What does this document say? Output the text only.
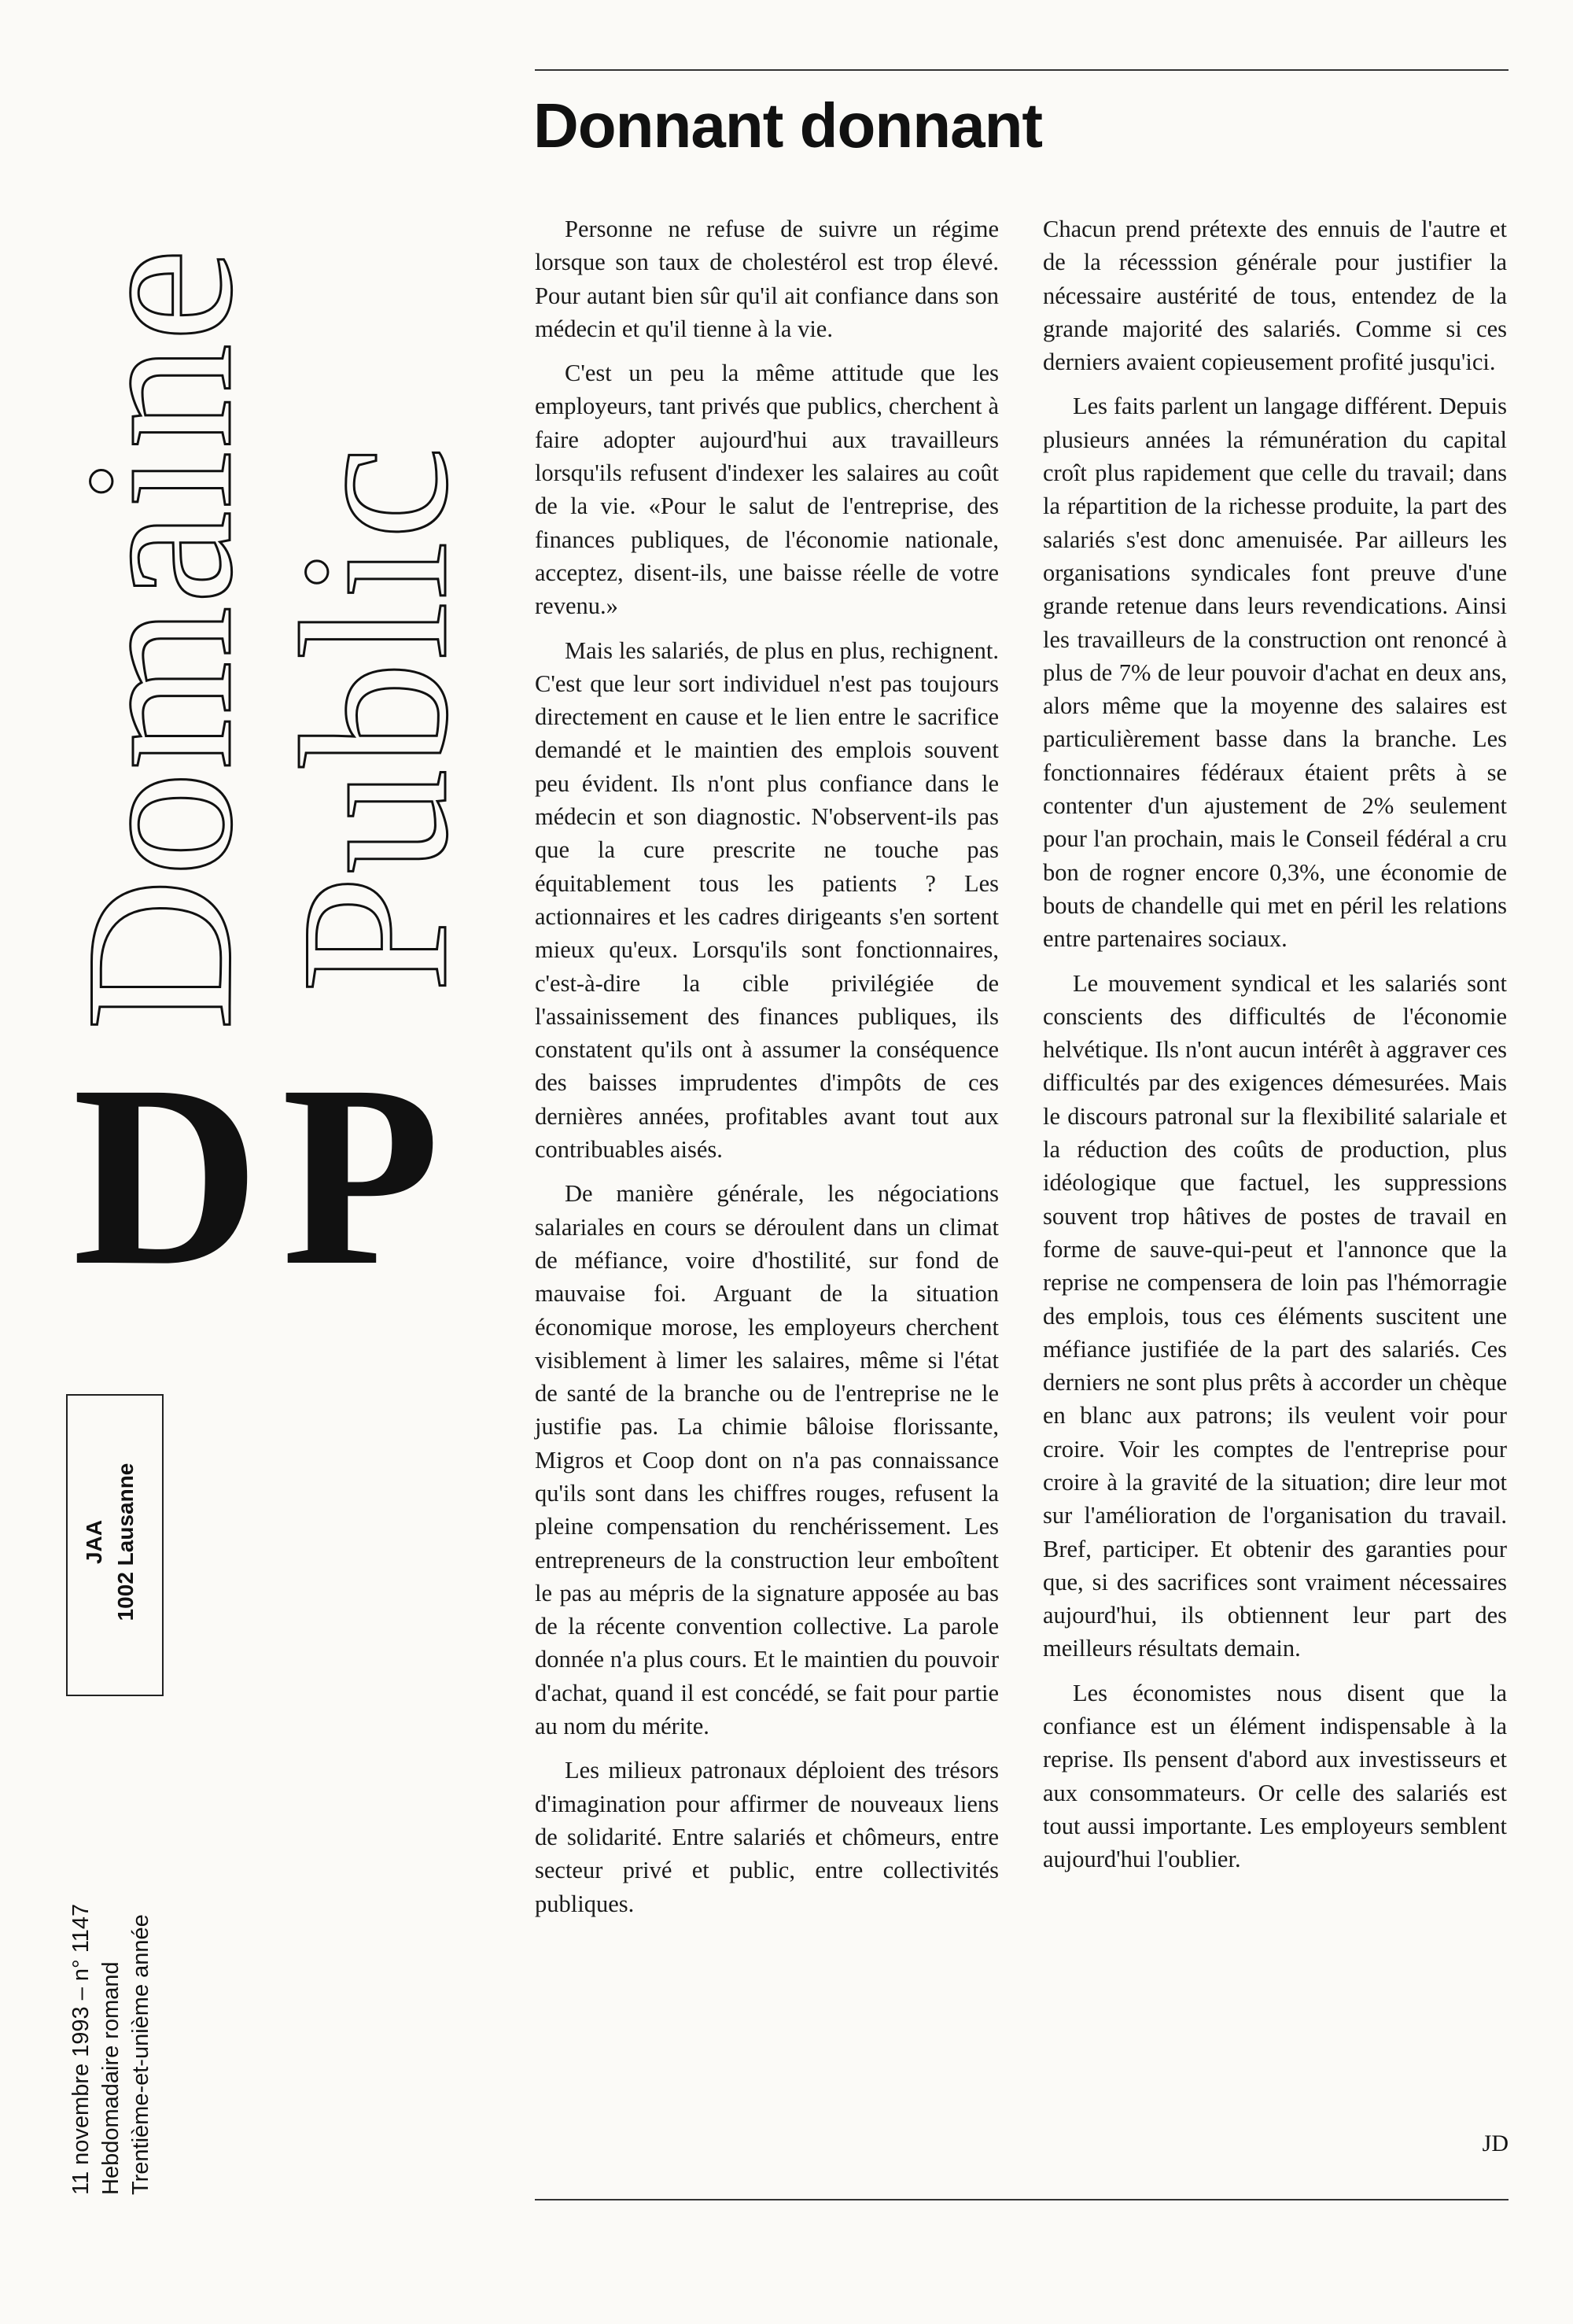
Domaine
Public
D P
JAA 1002 Lausanne
11 novembre 1993 – n° 1147 Hebdomadaire romand Trentième-et-unième année
Donnant donnant

Personne ne refuse de suivre un régime lorsque son taux de cholestérol est trop élevé. Pour autant bien sûr qu'il ait confiance dans son médecin et qu'il tienne à la vie.

C'est un peu la même attitude que les employeurs, tant privés que publics, cherchent à faire adopter aujourd'hui aux travailleurs lorsqu'ils refusent d'indexer les salaires au coût de la vie. «Pour le salut de l'entreprise, des finances publiques, de l'économie nationale, acceptez, disent-ils, une baisse réelle de votre revenu.»

Mais les salariés, de plus en plus, rechignent. C'est que leur sort individuel n'est pas toujours directement en cause et le lien entre le sacrifice demandé et le maintien des emplois souvent peu évident. Ils n'ont plus confiance dans le médecin et son diagnostic. N'observent-ils pas que la cure prescrite ne touche pas équitablement tous les patients ? Les actionnaires et les cadres dirigeants s'en sortent mieux qu'eux. Lorsqu'ils sont fonctionnaires, c'est-à-dire la cible privilégiée de l'assainissement des finances publiques, ils constatent qu'ils ont à assumer la conséquence des baisses imprudentes d'impôts de ces dernières années, profitables avant tout aux contribuables aisés.

De manière générale, les négociations salariales en cours se déroulent dans un climat de méfiance, voire d'hostilité, sur fond de mauvaise foi. Arguant de la situation économique morose, les employeurs cherchent visiblement à limer les salaires, même si l'état de santé de la branche ou de l'entreprise ne le justifie pas. La chimie bâloise florissante, Migros et Coop dont on n'a pas connaissance qu'ils sont dans les chiffres rouges, refusent la pleine compensation du renchérissement. Les entrepreneurs de la construction leur emboîtent le pas au mépris de la signature apposée au bas de la récente convention collective. La parole donnée n'a plus cours. Et le maintien du pouvoir d'achat, quand il est concédé, se fait pour partie au nom du mérite.

Les milieux patronaux déploient des trésors d'imagination pour affirmer de nouveaux liens de solidarité. Entre salariés et chômeurs, entre secteur privé et public, entre collectivités publiques.

Chacun prend prétexte des ennuis de l'autre et de la récesssion générale pour justifier la nécessaire austérité de tous, entendez de la grande majorité des salariés. Comme si ces derniers avaient copieusement profité jusqu'ici.

Les faits parlent un langage différent. Depuis plusieurs années la rémunération du capital croît plus rapidement que celle du travail; dans la répartition de la richesse produite, la part des salariés s'est donc amenuisée. Par ailleurs les organisations syndicales font preuve d'une grande retenue dans leurs revendications. Ainsi les travailleurs de la construction ont renoncé à plus de 7% de leur pouvoir d'achat en deux ans, alors même que la moyenne des salaires est particulièrement basse dans la branche. Les fonctionnaires fédéraux étaient prêts à se contenter d'un ajustement de 2% seulement pour l'an prochain, mais le Conseil fédéral a cru bon de rogner encore 0,3%, une économie de bouts de chandelle qui met en péril les relations entre partenaires sociaux.

Le mouvement syndical et les salariés sont conscients des difficultés de l'économie helvétique. Ils n'ont aucun intérêt à aggraver ces difficultés par des exigences démesurées. Mais le discours patronal sur la flexibilité salariale et la réduction des coûts de production, plus idéologique que factuel, les suppressions souvent trop hâtives de postes de travail en forme de sauve-qui-peut et l'annonce que la reprise ne compensera de loin pas l'hémorragie des emplois, tous ces éléments suscitent une méfiance justifiée de la part des salariés. Ces derniers ne sont plus prêts à accorder un chèque en blanc aux patrons; ils veulent voir pour croire. Voir les comptes de l'entreprise pour croire à la gravité de la situation; dire leur mot sur l'amélioration de l'organisation du travail. Bref, participer. Et obtenir des garanties pour que, si des sacrifices sont vraiment nécessaires aujourd'hui, ils obtiennent leur part des meilleurs résultats demain.

Les économistes nous disent que la confiance est un élément indispensable à la reprise. Ils pensent d'abord aux investisseurs et aux consommateurs. Or celle des salariés est tout aussi importante. Les employeurs semblent aujourd'hui l'oublier.

JD
